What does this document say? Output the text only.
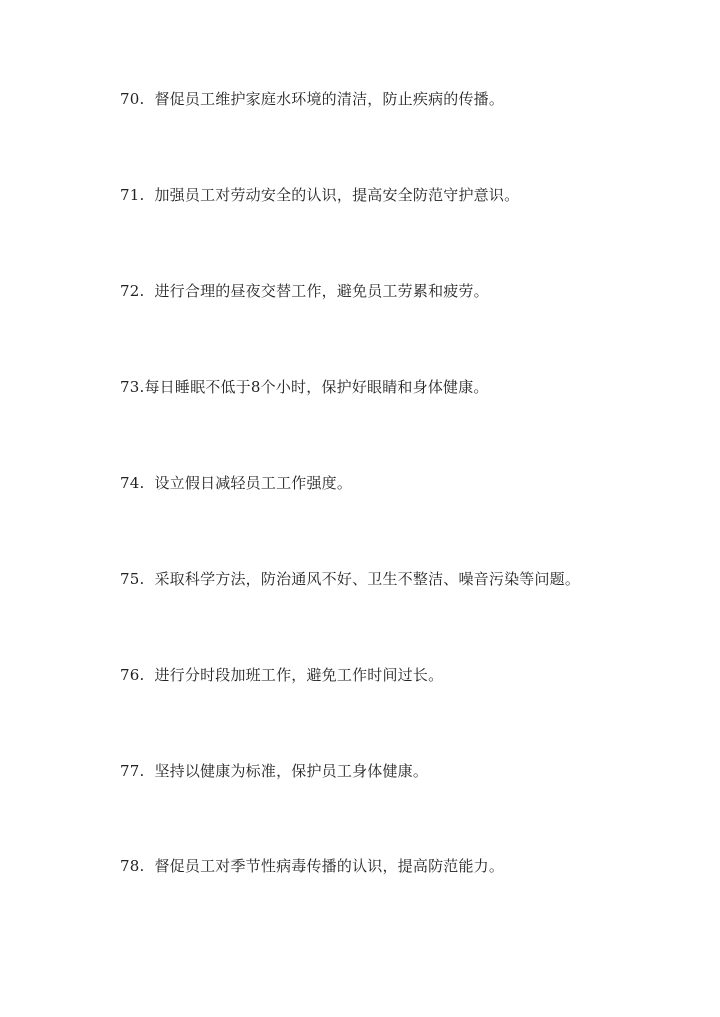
70. 督促员工维护家庭水环境的清洁，防止疾病的传播。
71. 加强员工对劳动安全的认识，提高安全防范守护意识。
72. 进行合理的昼夜交替工作，避免员工劳累和疲劳。
73.每日睡眠不低于8个小时，保护好眼睛和身体健康。
74. 设立假日减轻员工工作强度。
75. 采取科学方法，防治通风不好、卫生不整洁、噪音污染等问题。
76. 进行分时段加班工作，避免工作时间过长。
77. 坚持以健康为标准，保护员工身体健康。
78. 督促员工对季节性病毒传播的认识，提高防范能力。
